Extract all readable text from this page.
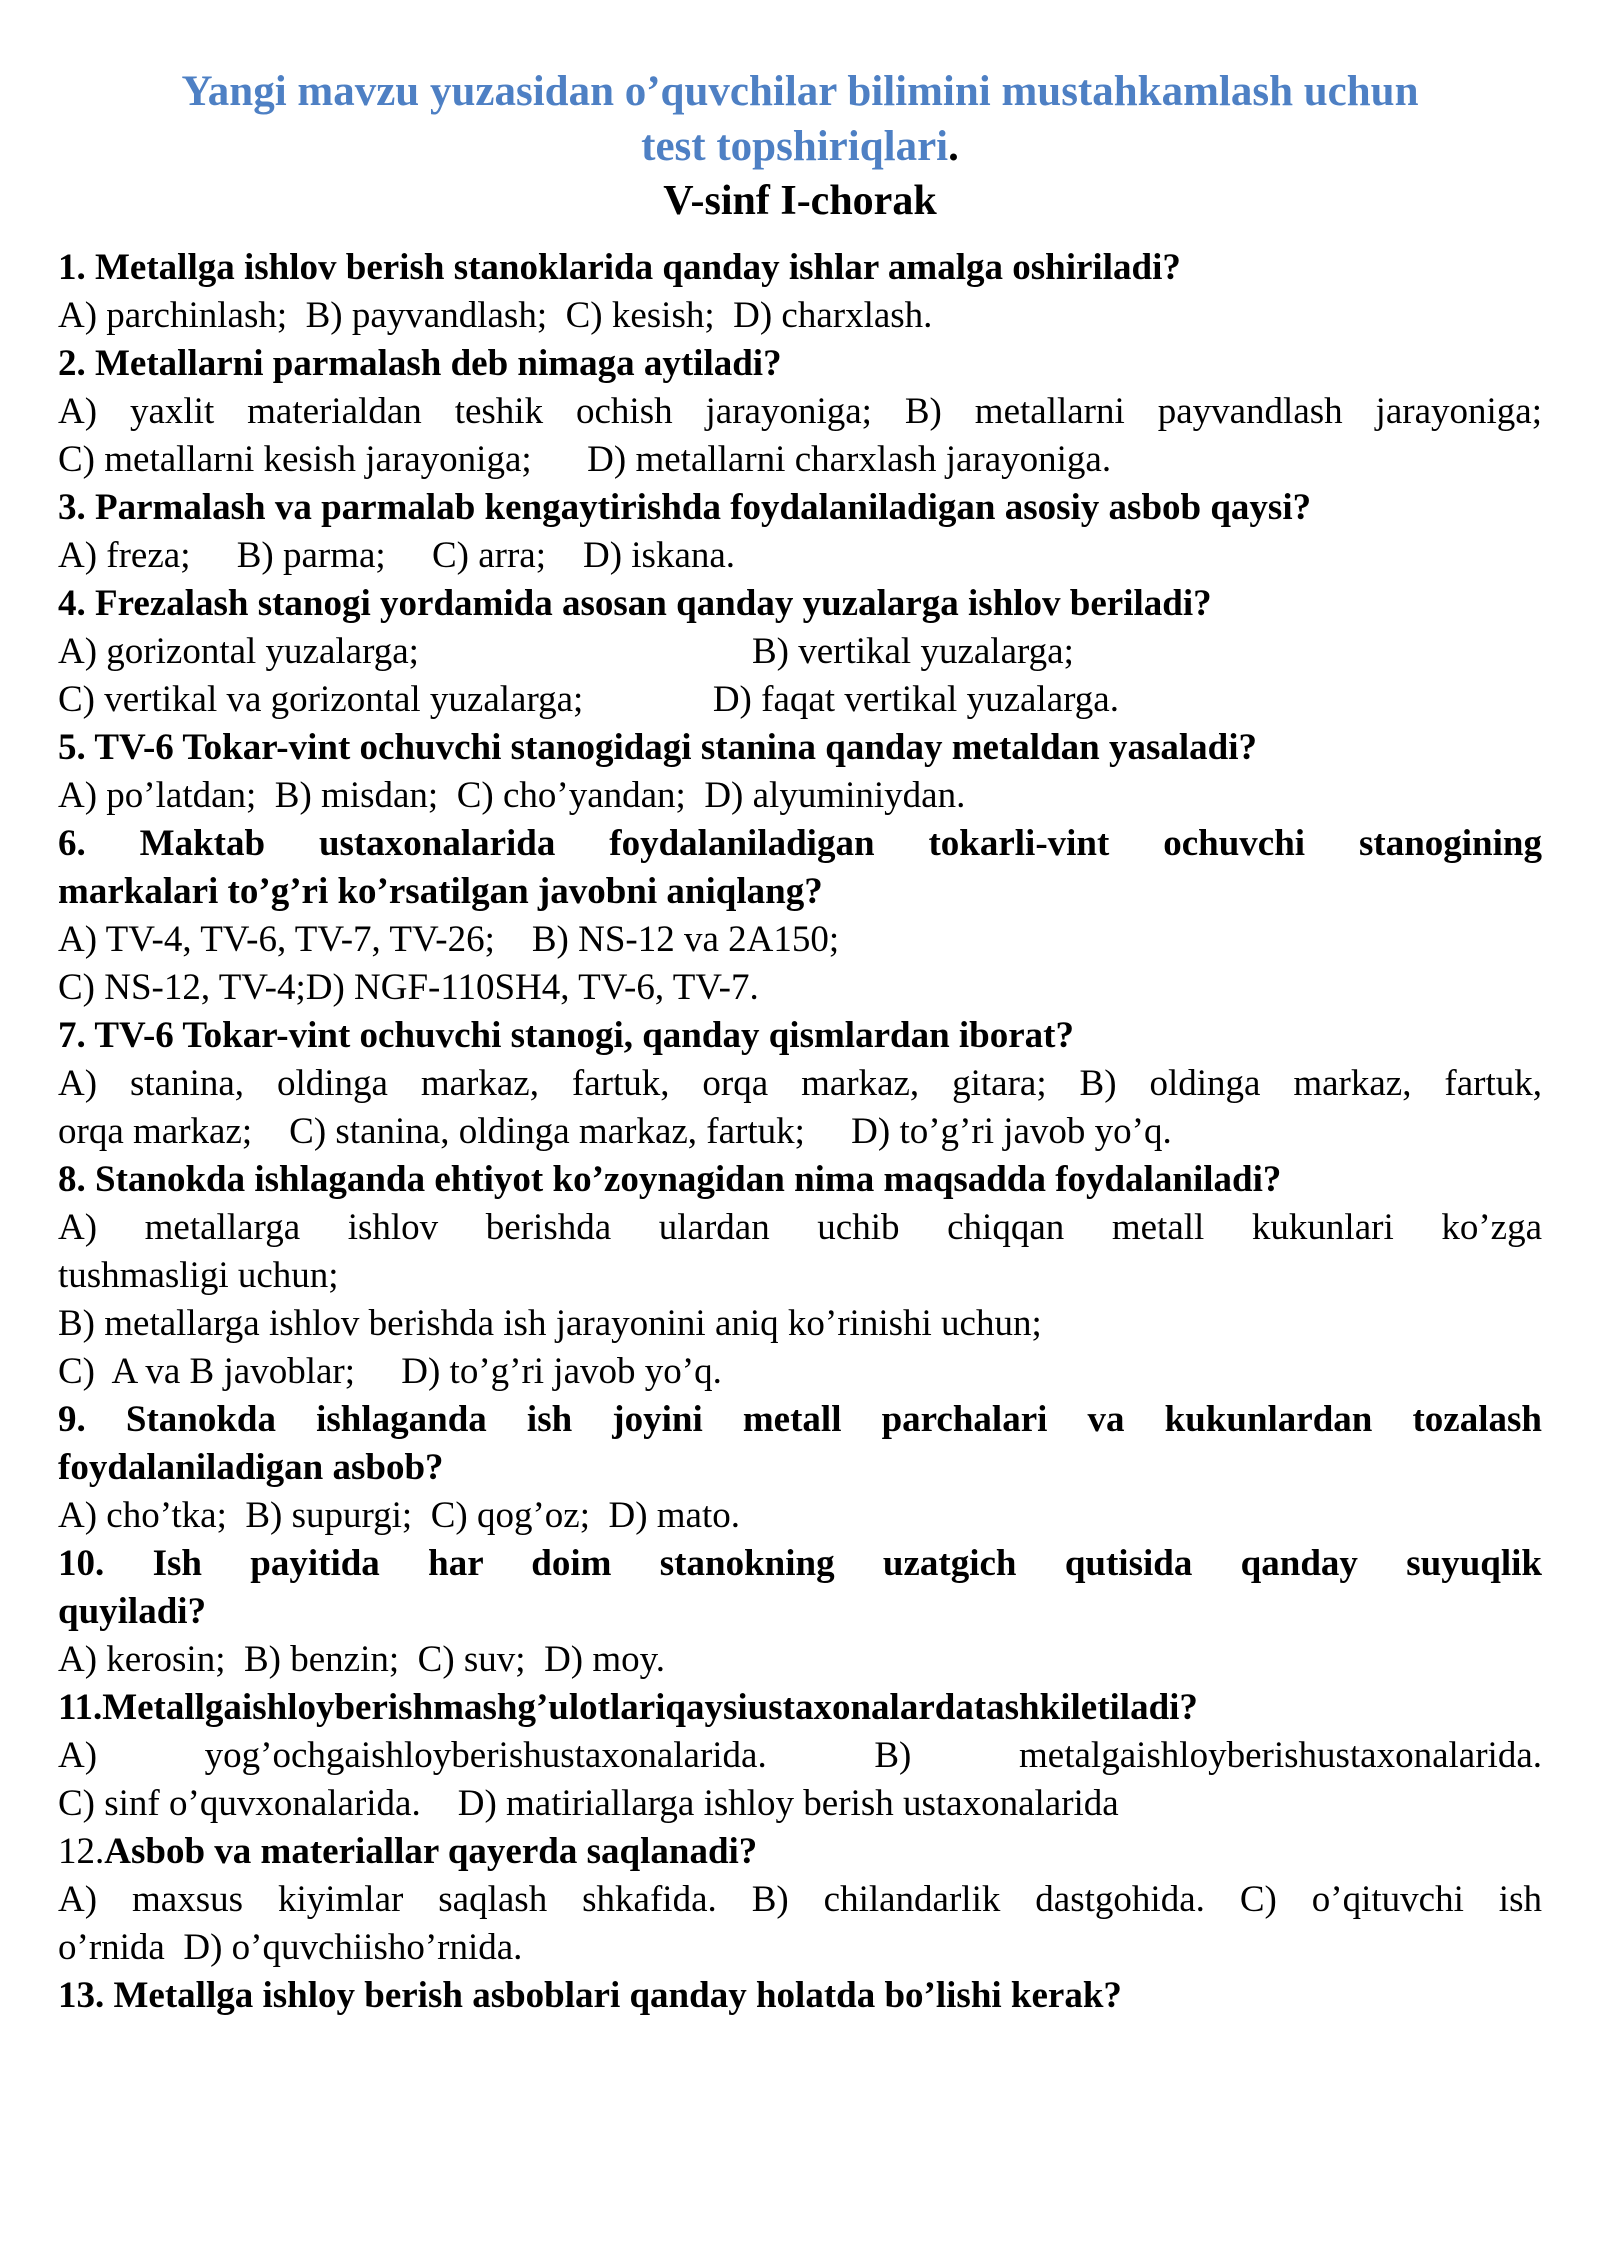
Yangi mavzu yuzasidan o’quvchilar bilimini mustahkamlash uchun
test topshiriqlari.
V-sinf I-chorak
1. Metallga ishlov berish stanoklarida qanday ishlar amalga oshiriladi?
A) parchinlash;  B) payvandlash;  C) kesish;  D) charxlash.
2. Metallarni parmalash deb nimaga aytiladi?
A) yaxlit materialdan teshik ochish jarayoniga; B) metallarni payvandlash jarayoniga;
C) metallarni kesish jarayoniga;      D) metallarni charxlash jarayoniga.
3. Parmalash va parmalab kengaytirishda foydalaniladigan asosiy asbob qaysi?
A) freza;     B) parma;     C) arra;    D) iskana.
4. Frezalash stanogi yordamida asosan qanday yuzalarga ishlov beriladi?
A) gorizontal yuzalarga;                                    B) vertikal yuzalarga;
C) vertikal va gorizontal yuzalarga;              D) faqat vertikal yuzalarga.
5. TV-6 Tokar-vint ochuvchi stanogidagi stanina qanday metaldan yasaladi?
A) po’latdan;  B) misdan;  C) cho’yandan;  D) alyuminiydan.
6. Maktab ustaxonalarida foydalaniladigan tokarli-vint ochuvchi stanogining
markalari to’g’ri ko’rsatilgan javobni aniqlang?
A) TV-4, TV-6, TV-7, TV-26;    B) NS-12 va 2A150;
C) NS-12, TV-4;D) NGF-110SH4, TV-6, TV-7.
7. TV-6 Tokar-vint ochuvchi stanogi, qanday qismlardan iborat?
A) stanina, oldinga markaz, fartuk, orqa markaz, gitara; B) oldinga markaz, fartuk,
orqa markaz;    C) stanina, oldinga markaz, fartuk;     D) to’g’ri javob yo’q.
8. Stanokda ishlaganda ehtiyot ko’zoynagidan nima maqsadda foydalaniladi?
A) metallarga ishlov berishda ulardan uchib chiqqan metall kukunlari ko’zga
tushmasligi uchun;
B) metallarga ishlov berishda ish jarayonini aniq ko’rinishi uchun;
C)  A va B javoblar;     D) to’g’ri javob yo’q.
9. Stanokda ishlaganda ish joyini metall parchalari va kukunlardan tozalash
foydalaniladigan asbob?
A) cho’tka;  B) supurgi;  C) qog’oz;  D) mato.
10. Ish payitida har doim stanokning uzatgich qutisida qanday suyuqlik
quyiladi?
A) kerosin;  B) benzin;  C) suv;  D) moy.
11.Metallgaishloyberishmashg’ulotlariqaysiustaxonalardatashkiletiladi?
A) yog’ochgaishloyberishustaxonalarida. B) metalgaishloyberishustaxonalarida.
C) sinf o’quvxonalarida.    D) matiriallarga ishloy berish ustaxonalarida
12.Asbob va materiallar qayerda saqlanadi?
A) maxsus kiyimlar saqlash shkafida. B) chilandarlik dastgohida. C) o’qituvchi ish
o’rnida  D) o’quvchiisho’rnida.
13. Metallga ishloy berish asboblari qanday holatda bo’lishi kerak?
